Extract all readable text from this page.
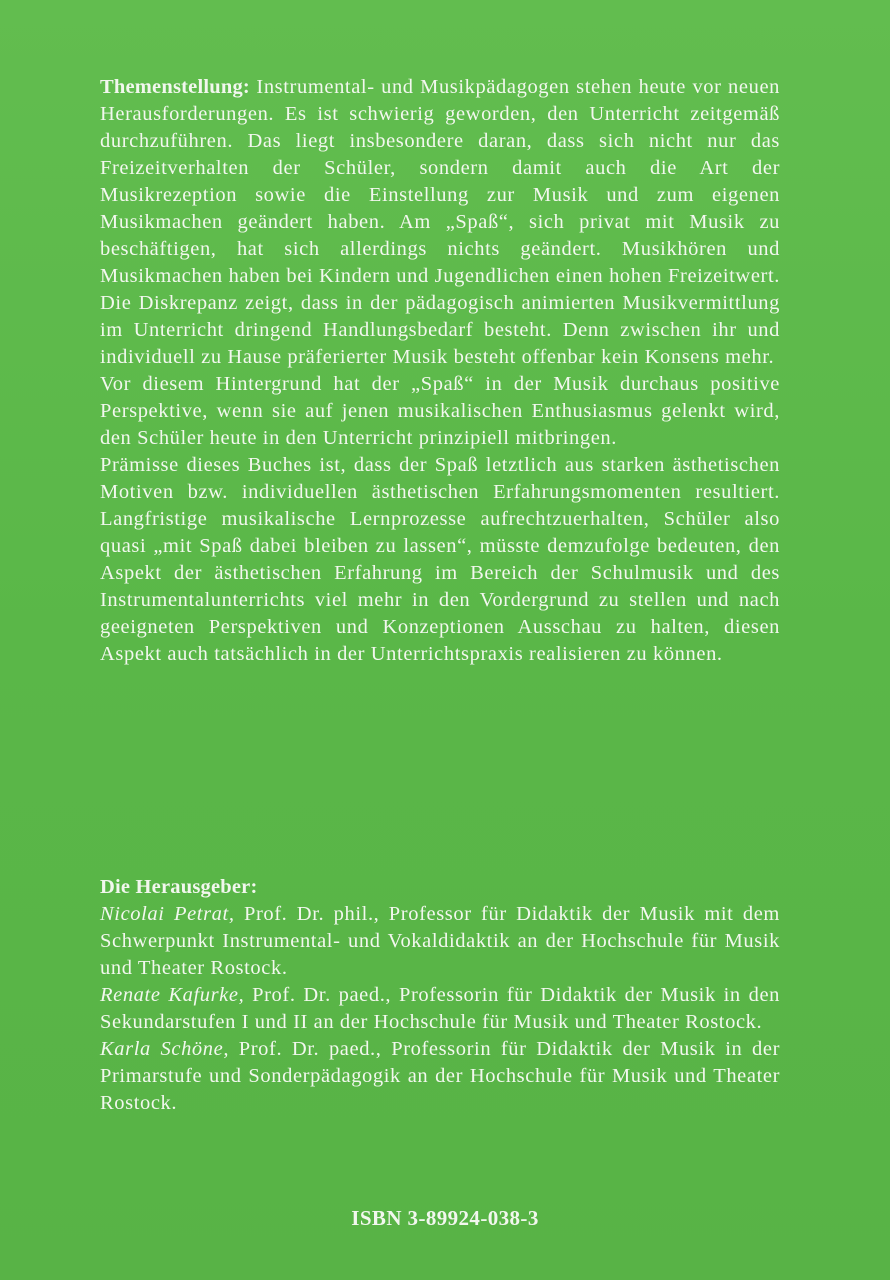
Themenstellung: Instrumental- und Musikpädagogen stehen heute vor neuen Herausforderungen. Es ist schwierig geworden, den Unterricht zeitgemäß durchzuführen. Das liegt insbesondere daran, dass sich nicht nur das Freizeitverhalten der Schüler, sondern damit auch die Art der Musikrezeption sowie die Einstellung zur Musik und zum eigenen Musikmachen geändert haben. Am „Spaß“, sich privat mit Musik zu beschäftigen, hat sich allerdings nichts geändert. Musikhören und Musikmachen haben bei Kindern und Jugendlichen einen hohen Freizeitwert. Die Diskrepanz zeigt, dass in der pädagogisch animierten Musikvermittlung im Unterricht dringend Handlungsbedarf besteht. Denn zwischen ihr und individuell zu Hause präferierter Musik besteht offenbar kein Konsens mehr.

Vor diesem Hintergrund hat der „Spaß“ in der Musik durchaus positive Perspektive, wenn sie auf jenen musikalischen Enthusiasmus gelenkt wird, den Schüler heute in den Unterricht prinzipiell mitbringen.

Prämisse dieses Buches ist, dass der Spaß letztlich aus starken ästhetischen Motiven bzw. individuellen ästhetischen Erfahrungsmomenten resultiert. Langfristige musikalische Lernprozesse aufrechtzuerhalten, Schüler also quasi „mit Spaß dabei bleiben zu lassen“, müsste demzufolge bedeuten, den Aspekt der ästhetischen Erfahrung im Bereich der Schulmusik und des Instrumentalunterrichts viel mehr in den Vordergrund zu stellen und nach geeigneten Perspektiven und Konzeptionen Ausschau zu halten, diesen Aspekt auch tatsächlich in der Unterrichtspraxis realisieren zu können.

Die Herausgeber:

Nicolai Petrat, Prof. Dr. phil., Professor für Didaktik der Musik mit dem Schwerpunkt Instrumental- und Vokaldidaktik an der Hochschule für Musik und Theater Rostock.

Renate Kafurke, Prof. Dr. paed., Professorin für Didaktik der Musik in den Sekundarstufen I und II an der Hochschule für Musik und Theater Rostock.

Karla Schöne, Prof. Dr. paed., Professorin für Didaktik der Musik in der Primarstufe und Sonderpädagogik an der Hochschule für Musik und Theater Rostock.

ISBN 3-89924-038-3
